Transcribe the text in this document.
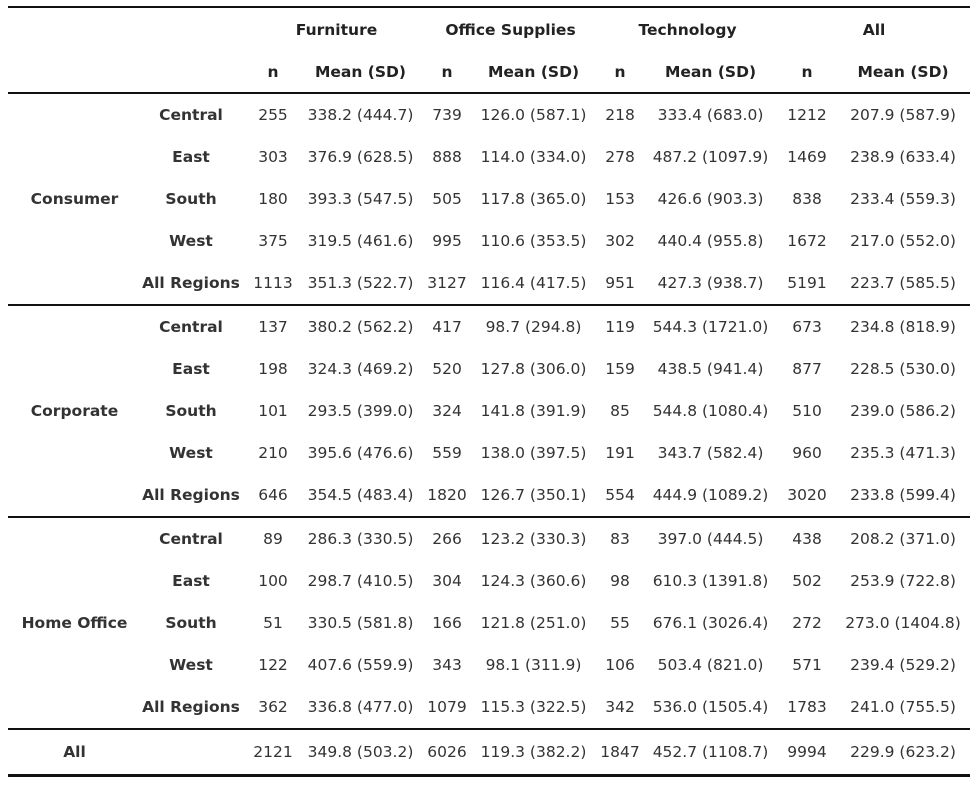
		Furniture		Office Supplies		Technology		All	
		n	Mean (SD)	n	Mean (SD)	n	Mean (SD)	n	Mean (SD)
Consumer	Central	255	338.2 (444.7)	739	126.0 (587.1)	218	333.4 (683.0)	1212	207.9 (587.9)
	East	303	376.9 (628.5)	888	114.0 (334.0)	278	487.2 (1097.9)	1469	238.9 (633.4)
	South	180	393.3 (547.5)	505	117.8 (365.0)	153	426.6 (903.3)	838	233.4 (559.3)
	West	375	319.5 (461.6)	995	110.6 (353.5)	302	440.4 (955.8)	1672	217.0 (552.0)
	All Regions	1113	351.3 (522.7)	3127	116.4 (417.5)	951	427.3 (938.7)	5191	223.7 (585.5)
Corporate	Central	137	380.2 (562.2)	417	98.7 (294.8)	119	544.3 (1721.0)	673	234.8 (818.9)
	East	198	324.3 (469.2)	520	127.8 (306.0)	159	438.5 (941.4)	877	228.5 (530.0)
	South	101	293.5 (399.0)	324	141.8 (391.9)	85	544.8 (1080.4)	510	239.0 (586.2)
	West	210	395.6 (476.6)	559	138.0 (397.5)	191	343.7 (582.4)	960	235.3 (471.3)
	All Regions	646	354.5 (483.4)	1820	126.7 (350.1)	554	444.9 (1089.2)	3020	233.8 (599.4)
Home Office	Central	89	286.3 (330.5)	266	123.2 (330.3)	83	397.0 (444.5)	438	208.2 (371.0)
	East	100	298.7 (410.5)	304	124.3 (360.6)	98	610.3 (1391.8)	502	253.9 (722.8)
	South	51	330.5 (581.8)	166	121.8 (251.0)	55	676.1 (3026.4)	272	273.0 (1404.8)
	West	122	407.6 (559.9)	343	98.1 (311.9)	106	503.4 (821.0)	571	239.4 (529.2)
	All Regions	362	336.8 (477.0)	1079	115.3 (322.5)	342	536.0 (1505.4)	1783	241.0 (755.5)
All		2121	349.8 (503.2)	6026	119.3 (382.2)	1847	452.7 (1108.7)	9994	229.9 (623.2)
